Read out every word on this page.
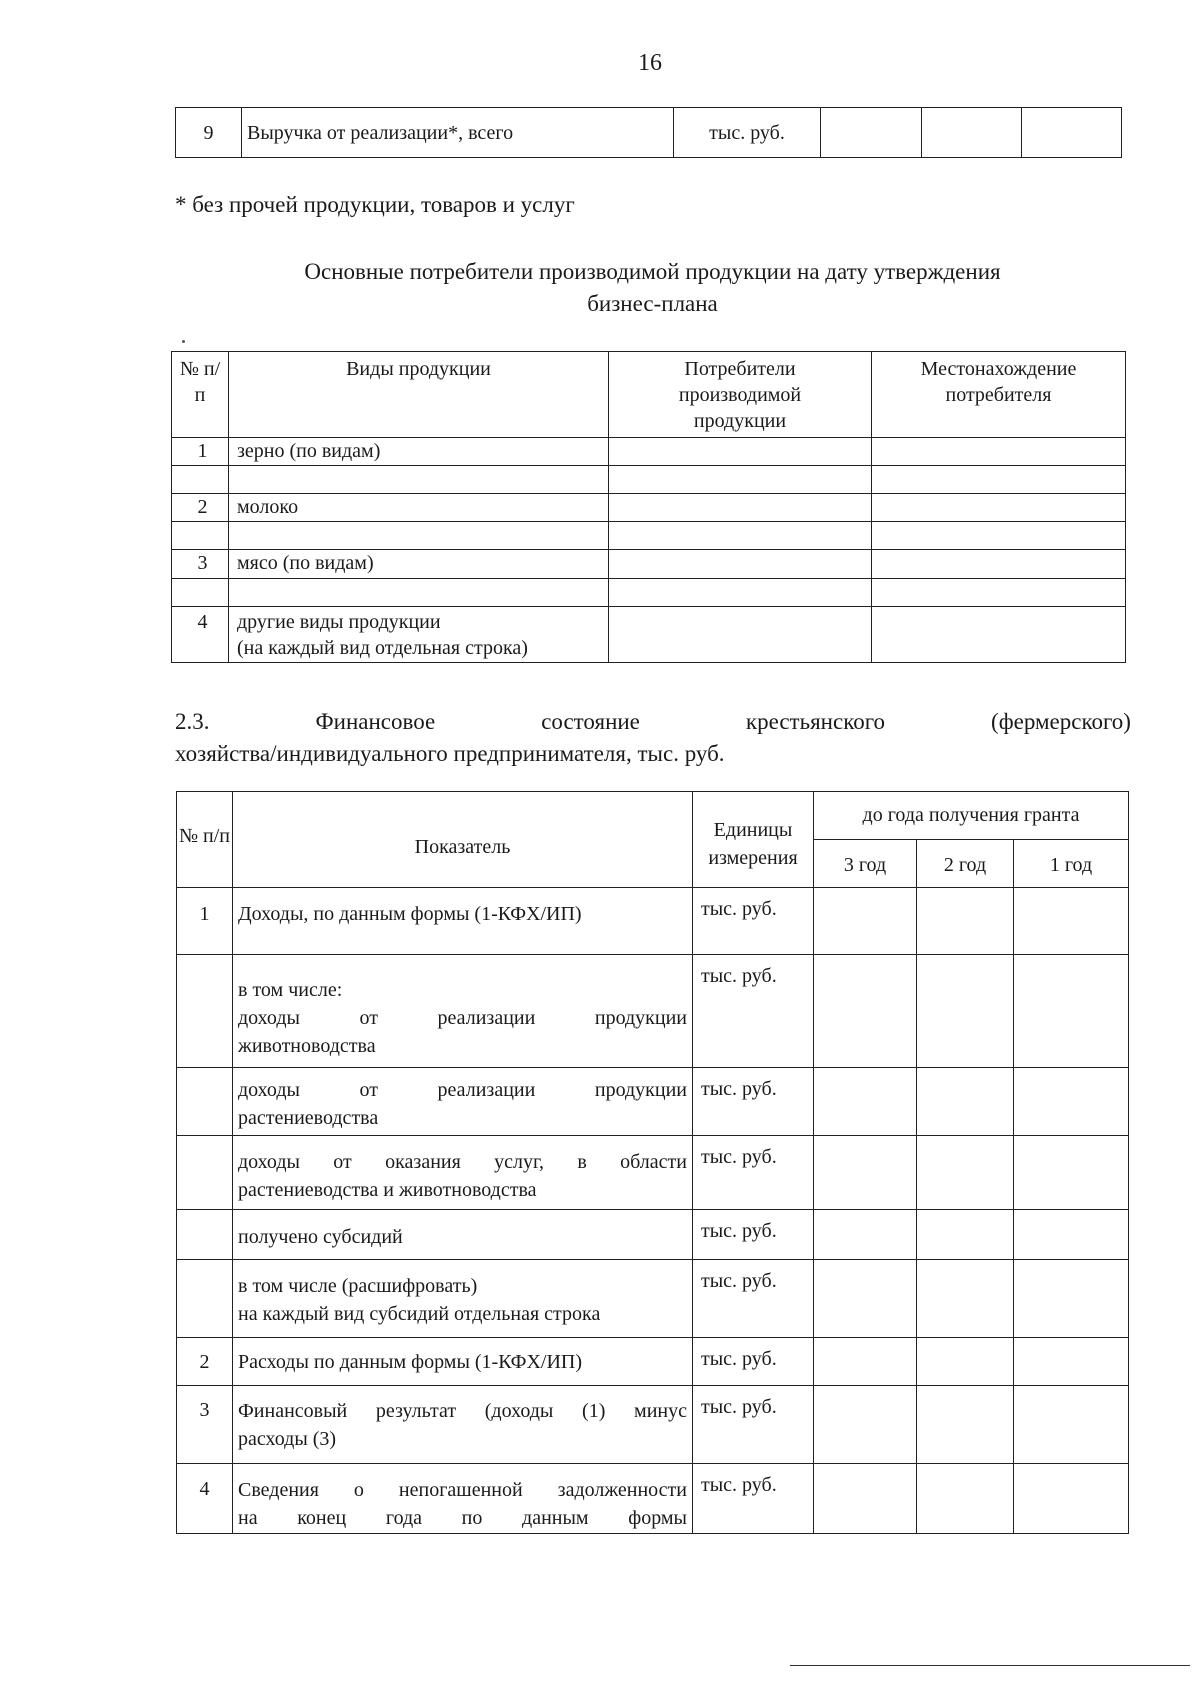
16
9	Выручка от реализации*, всего	тыс. руб.			
* без прочей продукции, товаров и услуг
Основные потребители производимой продукции на дату утверждения
бизнес-плана
№ п/п	Виды продукции	Потребители производимой продукции	Местонахождение потребителя
1	зерно (по видам)		

2	молоко		

3	мясо (по видам)		

4	другие виды продукции
(на каждый вид отдельная строка)		

2.3.	Финансовое	состояние	крестьянского	(фермерского)
хозяйства/индивидуального предпринимателя, тыс. руб.
№ п/п	Показатель	Единицы измерения	до года получения гранта		
			3 год	2 год	1 год
1	Доходы, по данным формы (1-КФХ/ИП)	тыс. руб.			

	в том числе:
доходы от реализации продукции
животноводства	тыс. руб.			

	доходы от реализации продукции
растениеводства	тыс. руб.			

	доходы от оказания услуг, в области
растениеводства и животноводства	тыс. руб.			
	получено субсидий	тыс. руб.			

	в том числе (расшифровать)
на каждый вид субсидий отдельная строка	тыс. руб.			
2	Расходы по данным формы (1-КФХ/ИП)	тыс. руб.			
3	Финансовый результат (доходы (1) минус
расходы (3)	тыс. руб.			
4	Сведения о непогашенной задолженности
на конец года по данным формы	тыс. руб.			
